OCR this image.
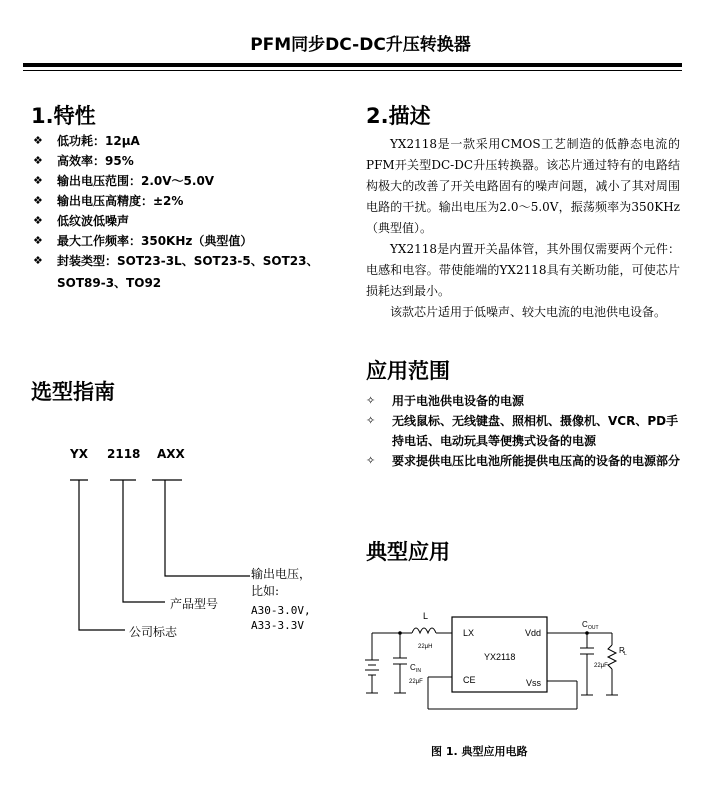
PFM同步DC-DC升压转换器
1.特性
❖ 低功耗：12μA
❖ 高效率：95%
❖ 输出电压范围：2.0V～5.0V
❖ 输出电压高精度：±2%
❖ 低纹波低噪声
❖ 最大工作频率：350KHz（典型值）
❖ 封装类型：SOT23-3L、SOT23-5、SOT23、
SOT89-3、TO92
2.描述

YX2118是一款采用CMOS工艺制造的低静态电流的PFM开关型DC-DC升压转换器。该芯片通过特有的电路结构极大的改善了开关电路固有的噪声问题，减小了其对周围电路的干扰。输出电压为2.0～5.0V，振荡频率为350KHz（典型值）。

YX2118是内置开关晶体管，其外围仅需要两个元件：电感和电容。带使能端的YX2118具有关断功能，可使芯片损耗达到最小。

该款芯片适用于低噪声、较大电流的电池供电设备。

应用范围
✧ 用于电池供电设备的电源
✧ 无线鼠标、无线键盘、照相机、摄像机、VCR、PD手持电话、电动玩具等便携式设备的电源
✧ 要求提供电压比电池所能提供电压高的设备的电源部分
选型指南
YX 2118 AXX
输出电压，
比如:
A30-3.0V,
A33-3.3V
产品型号
公司标志
典型应用
L
22μH
LX	Vdd
CE	Vss
YX2118
C IN
22μF
C OUT
22μF
R L
图 1. 典型应用电路
